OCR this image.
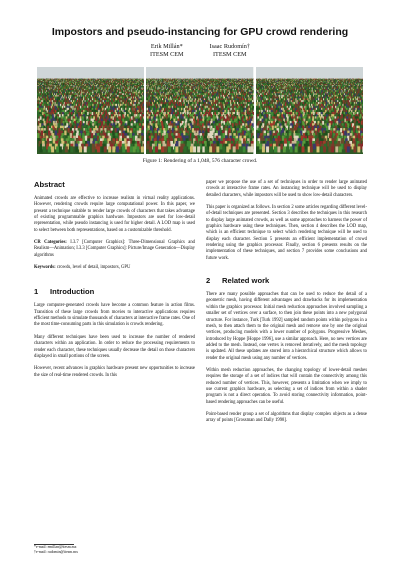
Impostors and pseudo-instancing for GPU crowd rendering
Erik Millán*
ITESM CEM
Isaac Rudomín†
ITESM CEM
Figure 1: Rendering of a 1,048, 576 character crowd.
Abstract

Animated crowds are effective to increase realism in virtual reality applications. However, rendering crowds require large computational power. In this paper, we present a technique suitable to render large crowds of characters that takes advantage of existing programmable graphics hardware. Impostors are used for low-detail representation, while pseudo instancing is used for higher detail. A LOD map is used to select between both representations, based on a customizable threshold.

CR Categories: I.3.7 [Computer Graphics]: Three-Dimensional Graphics and Realism—Animation; I.3.3 [Computer Graphics]: Picture/Image Generation—Display algorithms

Keywords: crowds, level of detail, impostors, GPU

1 Introduction

Large computer-generated crowds have become a common feature in action films. Transition of these large crowds from movies to interactive applications requires efficient methods to simulate thousands of characters at interactive frame rates. One of the most time-consuming parts in this simulation is crowds rendering.

Many different techniques have been used to increase the number of rendered characters within an application. In order to reduce the processing requirements to render each character, these techniques usually decrease the detail on those characters displayed in small portions of the screen.

However, recent advances in graphics hardware present new opportunities to increase the size of real-time rendered crowds. In this

paper we propose the use of a set of techniques in order to render large animated crowds at interactive frame rates. An instancing technique will be used to display detailed characters, while impostors will be used to show low-detail characters.

This paper is organized as follows. In section 2 some articles regarding different level-of-detail techniques are presented. Section 3 describes the techniques in this research to display large animated crowds, as well as some approaches to harness the power of graphics hardware using these techniques. Then, section 4 describes the LOD map, which is an efficient technique to select which rendering technique will be used to display each character. Section 5 presents an efficient implementation of crowd rendering using the graphics processor. Finally, section 6 presents results on the implementation of these techniques, and section 7 provides some conclusions and future work.

2 Related work

There are many possible approaches that can be used to reduce the detail of a geometric mesh, having different advantages and drawbacks for its implementation within the graphics processor. Initial mesh reduction approaches involved sampling a smaller set of vertices over a surface, to then join these points into a new polygonal structure. For instance, Turk [Turk 1992] sampled random points within polygons in a mesh, to then attach them to the original mesh and remove one by one the original vertices, producing models with a lower number of polygons. Progressive Meshes, introduced by Hoppe [Hoppe 1996], use a similar approach. Here, no new vertices are added to the mesh. Instead, one vertex is removed iteratively, and the mesh topology is updated. All these updates are stored into a hierarchical structure which allows to render the original mesh using any number of vertices.

Within mesh reduction approaches, the changing topology of lower-detail meshes requires the storage of a set of indices that will contain the connectivity among this reduced number of vertices. This, however, presents a limitation when we imply to use current graphics hardware, as selecting a set of indices from within a shader program is not a direct operation. To avoid storing connectivity information, point-based rendering approaches can be useful.

Point-based render group a set of algorithms that display complex objects as a dense array of points [Grossman and Dally 1998].

*e-mail: emillan@itesm.mx
†e-mail: rudomin@itesm.mx
